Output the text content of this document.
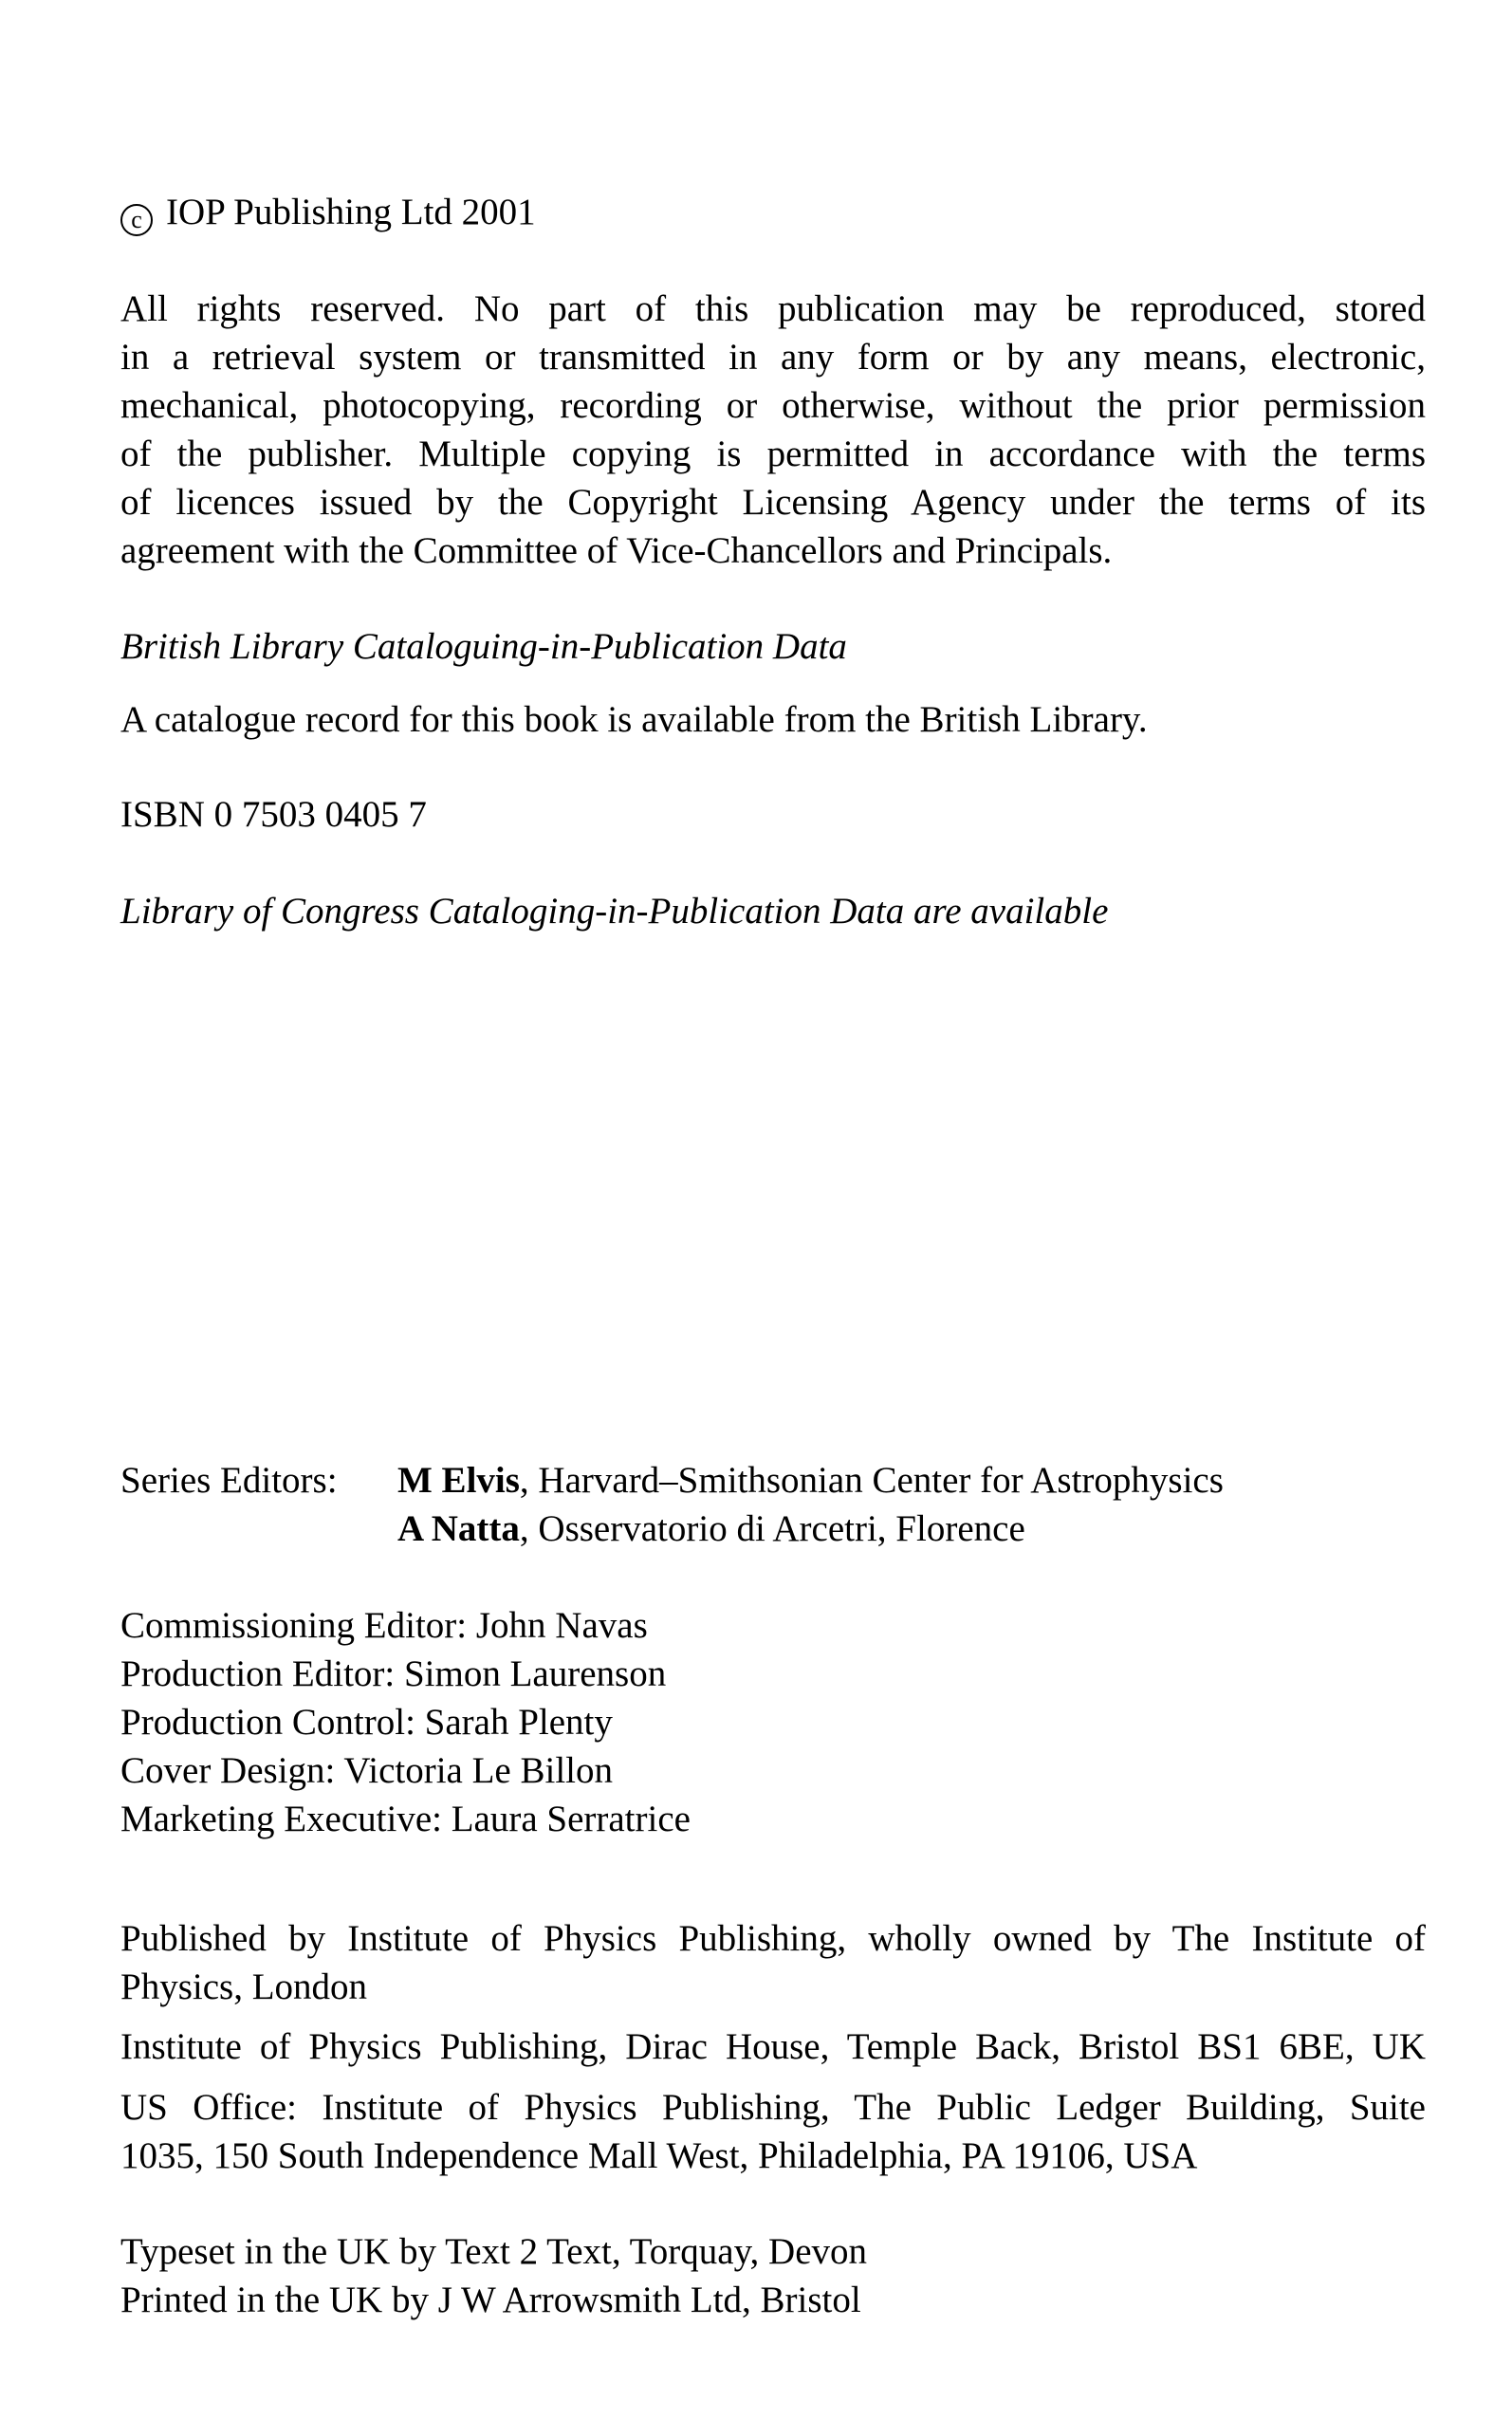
c IOP Publishing Ltd 2001
All rights reserved. No part of this publication may be reproduced, stored
in a retrieval system or transmitted in any form or by any means, electronic,
mechanical, photocopying, recording or otherwise, without the prior permission
of the publisher. Multiple copying is permitted in accordance with the terms
of licences issued by the Copyright Licensing Agency under the terms of its
agreement with the Committee of Vice-Chancellors and Principals.
British Library Cataloguing-in-Publication Data
A catalogue record for this book is available from the British Library.
ISBN 0 7503 0405 7
Library of Congress Cataloging-in-Publication Data are available
Series Editors: M Elvis, Harvard–Smithsonian Center for Astrophysics
A Natta, Osservatorio di Arcetri, Florence
Commissioning Editor: John Navas
Production Editor: Simon Laurenson
Production Control: Sarah Plenty
Cover Design: Victoria Le Billon
Marketing Executive: Laura Serratrice
Published by Institute of Physics Publishing, wholly owned by The Institute of
Physics, London
Institute of Physics Publishing, Dirac House, Temple Back, Bristol BS1 6BE, UK
US Office: Institute of Physics Publishing, The Public Ledger Building, Suite
1035, 150 South Independence Mall West, Philadelphia, PA 19106, USA
Typeset in the UK by Text 2 Text, Torquay, Devon
Printed in the UK by J W Arrowsmith Ltd, Bristol
